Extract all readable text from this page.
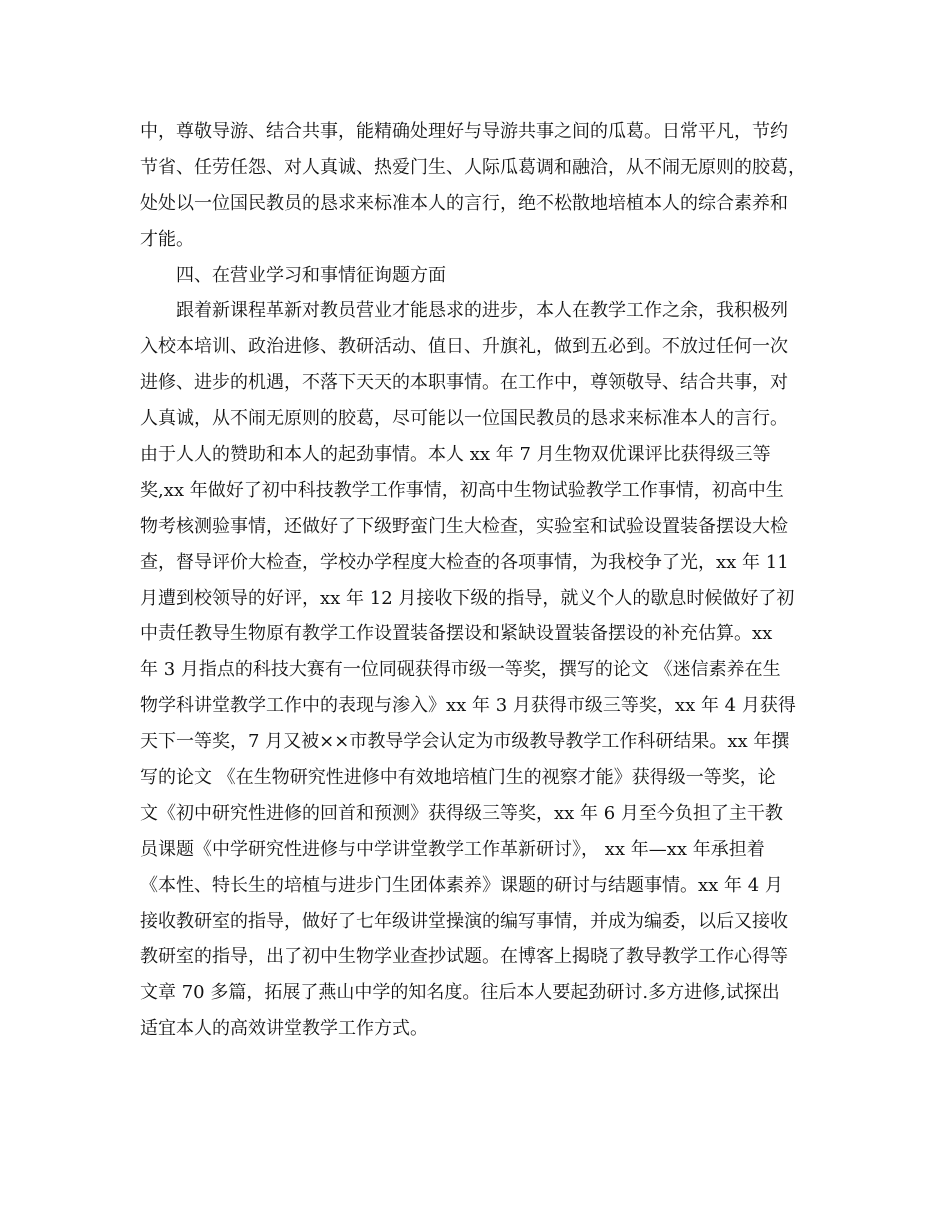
中，尊敬导游、结合共事，能精确处理好与导游共事之间的瓜葛。日常平凡，节约
节省、任劳任怨、对人真诚、热爱门生、人际瓜葛调和融洽，从不闹无原则的胶葛，
处处以一位国民教员的恳求来标准本人的言行，绝不松散地培植本人的综合素养和
才能。
四、在营业学习和事情征询题方面
跟着新课程革新对教员营业才能恳求的进步，本人在教学工作之余，我积极列
入校本培训、政治进修、教研活动、值日、升旗礼，做到五必到。不放过任何一次
进修、进步的机遇，不落下天天的本职事情。在工作中，尊领敬导、结合共事，对
人真诚，从不闹无原则的胶葛，尽可能以一位国民教员的恳求来标准本人的言行。
由于人人的赞助和本人的起劲事情。本人 xx 年 7 月生物双优课评比获得级三等
奖,xx 年做好了初中科技教学工作事情，初高中生物试验教学工作事情，初高中生
物考核测验事情，还做好了下级野蛮门生大检查，实验室和试验设置装备摆设大检
查，督导评价大检查，学校办学程度大检查的各项事情，为我校争了光，xx 年 11
月遭到校领导的好评，xx 年 12 月接收下级的指导，就义个人的歇息时候做好了初
中责任教导生物原有教学工作设置装备摆设和紧缺设置装备摆设的补充估算。xx
年 3 月指点的科技大赛有一位同砚获得市级一等奖，撰写的论文 《迷信素养在生
物学科讲堂教学工作中的表现与渗入》xx 年 3 月获得市级三等奖，xx 年 4 月获得
天下一等奖，7 月又被××市教导学会认定为市级教导教学工作科研结果。xx 年撰
写的论文 《在生物研究性进修中有效地培植门生的视察才能》获得级一等奖，论
文《初中研究性进修的回首和预测》获得级三等奖，xx 年 6 月至今负担了主干教
员课题《中学研究性进修与中学讲堂教学工作革新研讨》， xx 年—xx 年承担着
《本性、特长生的培植与进步门生团体素养》课题的研讨与结题事情。xx 年 4 月
接收教研室的指导，做好了七年级讲堂操演的编写事情，并成为编委，以后又接收
教研室的指导，出了初中生物学业查抄试题。在博客上揭晓了教导教学工作心得等
文章 70 多篇，拓展了燕山中学的知名度。往后本人要起劲研讨.多方进修,试探出
适宜本人的高效讲堂教学工作方式。
